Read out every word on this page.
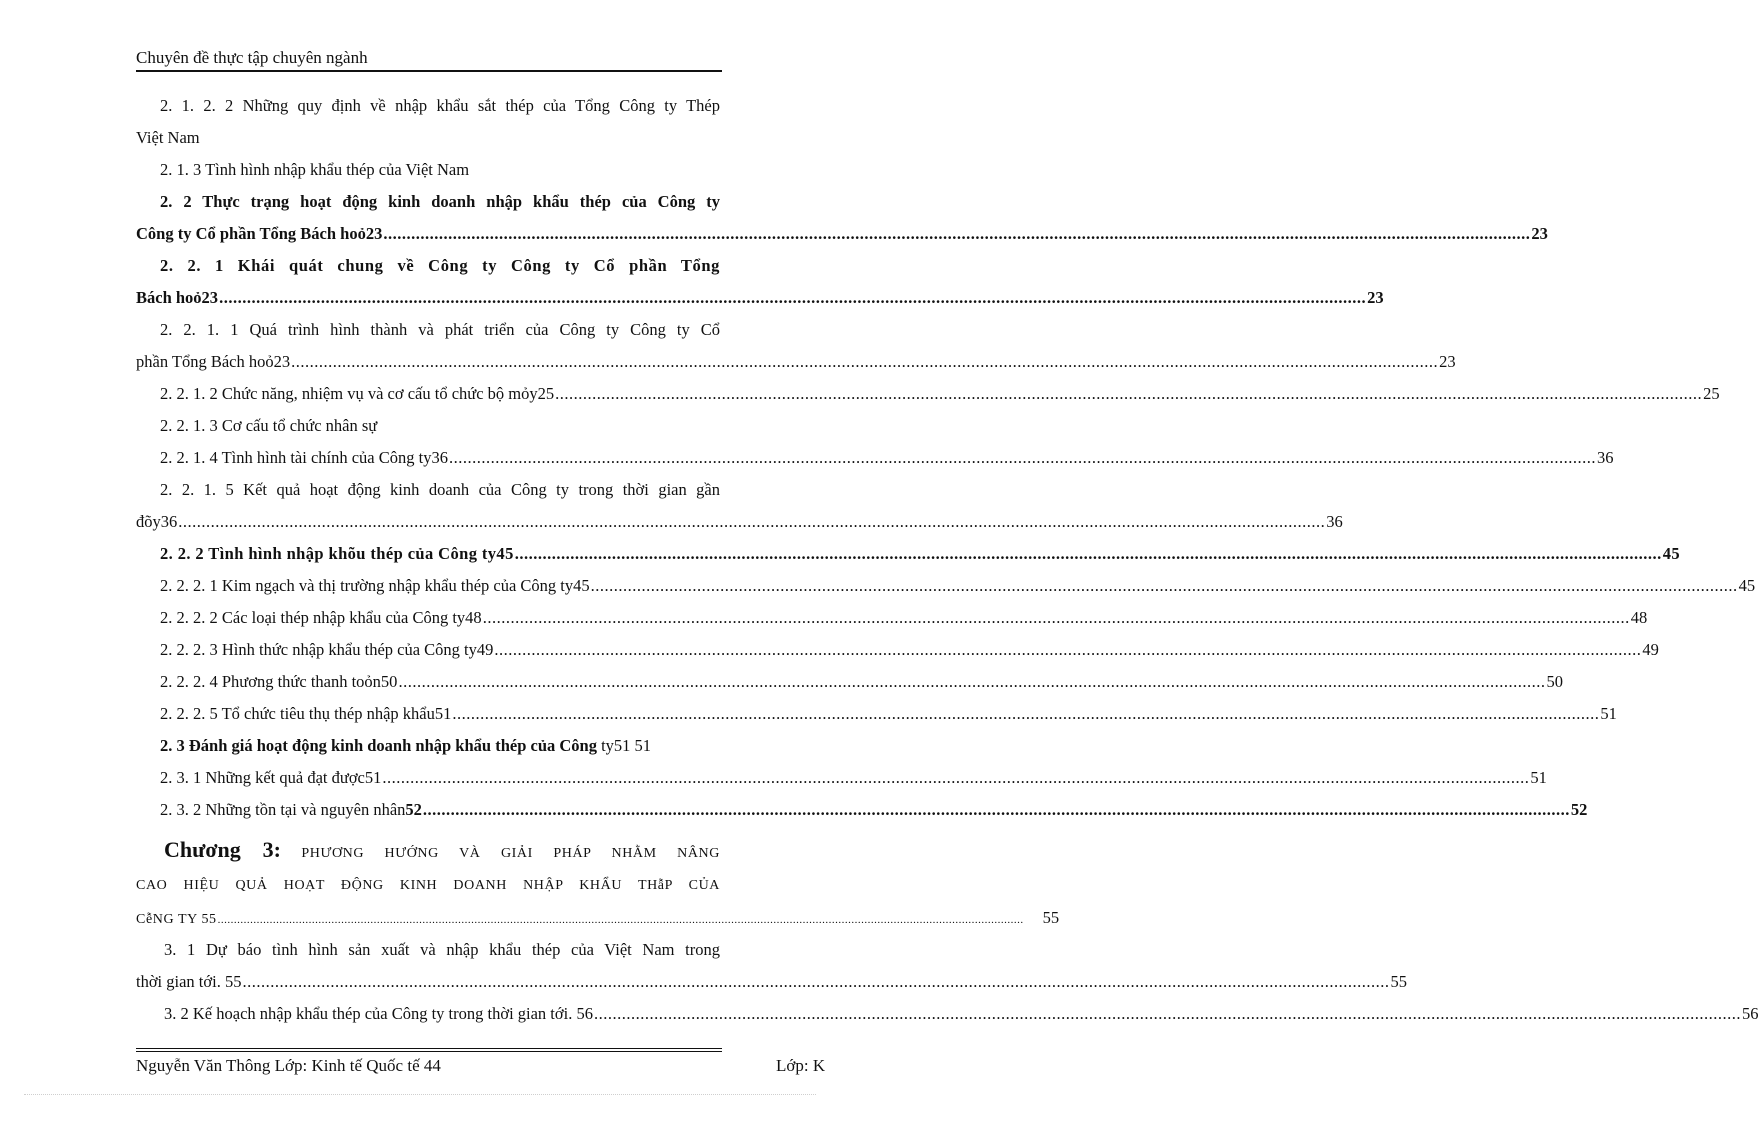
Chuyên đề thực tập chuyên ngành
2. 1. 2. 2 Những quy định về nhập khẩu sắt thép của Tổng Công ty Thép
Việt Nam
2. 1. 3 Tình hình nhập khẩu thép của Việt Nam
2. 2 Thực trạng hoạt động kinh doanh nhập khẩu thép của Công ty
Công ty Cổ phần Tổng Bách hoỏ23 .....	23
2. 2. 1 Khái quát chung về Công ty Công ty Cổ phần Tổng
Bách hoỏ23 .....	23
2. 2. 1. 1 Quá trình hình thành và phát triển của Công ty Công ty Cổ
phần Tổng Bách hoỏ23 .....	23
2. 2. 1. 2 Chức năng, nhiệm vụ và cơ cấu tổ chức bộ mỏy25 .....	25
2. 2. 1. 3 Cơ cấu tổ chức nhân sự
2. 2. 1. 4 Tình hình tài chính của Công ty36 .....	36
2. 2. 1. 5 Kết quả hoạt động kinh doanh của Công ty trong thời gian gần
đõy36 .....	36
2. 2. 2 Tình hình nhập khõu thép của Công ty45 .....	45
2. 2. 2. 1 Kim ngạch và thị trường nhập khẩu thép của Công ty45 .....	45
2. 2. 2. 2 Các loại thép nhập khẩu của Công ty48 .....	48
2. 2. 2. 3 Hình thức nhập khẩu thép của Công ty49 .....	49
2. 2. 2. 4 Phương thức thanh toỏn50 .....	50
2. 2. 2. 5 Tổ chức tiêu thụ thép nhập khẩu51 .....	51
2. 3 Đánh giá hoạt động kinh doanh nhập khẩu thép của Công ty51 51
2. 3. 1 Những kết quả đạt được51 .....	51
2. 3. 2 Những tồn tại và nguyên nhân 52 .....	52
Chương 3: PHƯƠNG HƯỚNG VÀ GIẢI PHÁP NHẰM NÂNG
CAO HIỆU QUẢ HOẠT ĐỘNG KINH DOANH NHẬP KHẨU THẫP CỦA
CễNG TY 55 .....	55
3. 1 Dự báo tình hình sản xuất và nhập khẩu thép của Việt Nam trong
thời gian tới. 55 .....	55
3. 2 Kế hoạch nhập khẩu thép của Công ty trong thời gian tới. 56 .....	56
Nguyễn Văn Thông Lớp: Kinh tế Quốc tế 44	Lớp: K
